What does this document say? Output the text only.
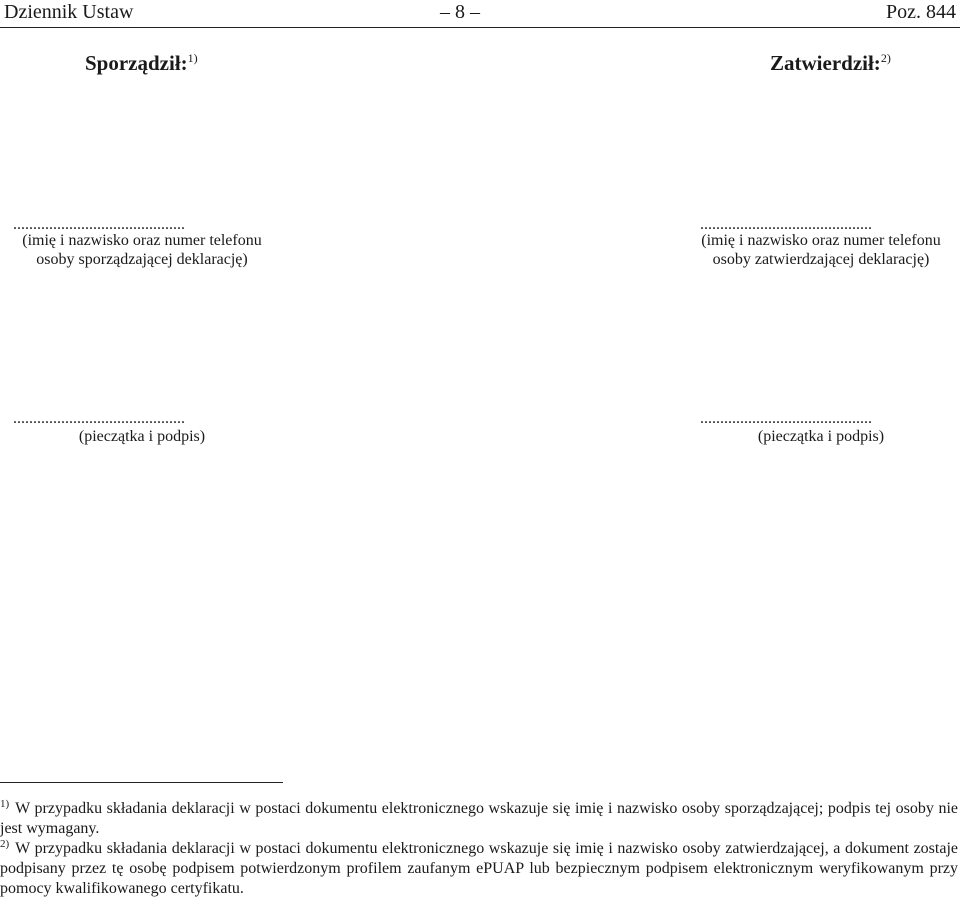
Dziennik Ustaw	– 8 –	Poz. 844
Sporządził:$^{1)}$
...........................................
(imię i nazwisko oraz numer telefonu
osoby sporządzającej deklarację)
...........................................
(pieczątka i podpis)
Zatwierdził:$^{2)}$
...........................................
(imię i nazwisko oraz numer telefonu
osoby zatwierdzającej deklarację)
...........................................
(pieczątka i podpis)
$^{1)}$ W przypadku składania deklaracji w postaci dokumentu elektronicznego wskazuje się imię i nazwisko osoby sporządzającej; podpis tej osoby nie jest wymagany.
$^{2)}$ W przypadku składania deklaracji w postaci dokumentu elektronicznego wskazuje się imię i nazwisko osoby zatwierdzającej, a dokument zostaje podpisany przez tę osobę podpisem potwierdzonym profilem zaufanym ePUAP lub bezpiecznym podpisem elektronicznym weryfikowanym przy pomocy kwalifikowanego certyfikatu.
